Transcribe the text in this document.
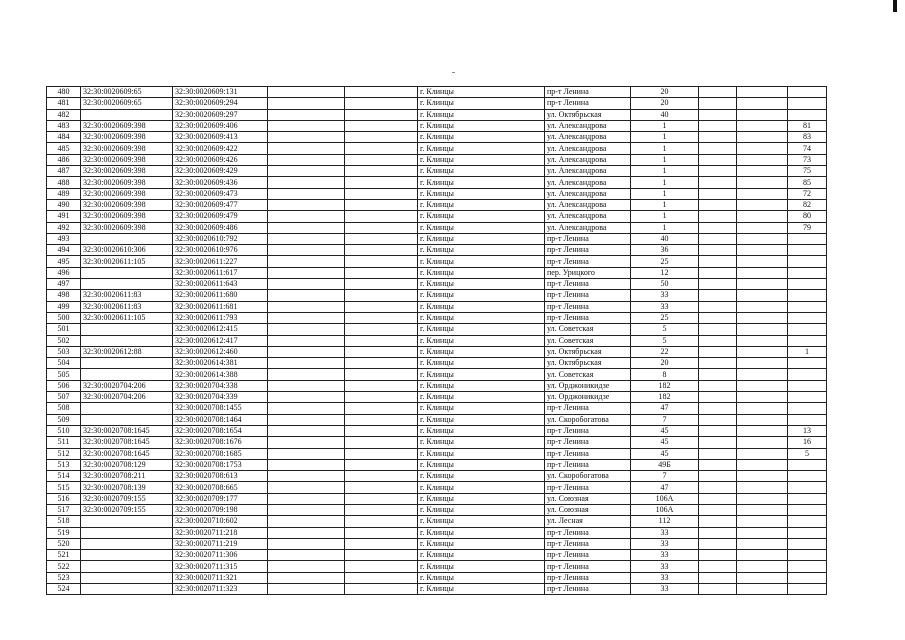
480	32:30:0020609:65	32:30:0020609:131			г. Клинцы	пр-т Ленина	20			
481	32:30:0020609:65	32:30:0020609:294			г. Клинцы	пр-т Ленина	20			
482		32:30:0020609:297			г. Клинцы	ул. Октябрьская	40			
483	32:30:0020609:398	32:30:0020609:406			г. Клинцы	ул. Александрова	1			81
484	32:30:0020609:398	32:30:0020609:413			г. Клинцы	ул. Александрова	1			83
485	32:30:0020609:398	32:30:0020609:422			г. Клинцы	ул. Александрова	1			74
486	32:30:0020609:398	32:30:0020609:426			г. Клинцы	ул. Александрова	1			73
487	32:30:0020609:398	32:30:0020609:429			г. Клинцы	ул. Александрова	1			75
488	32:30:0020609:398	32:30:0020609:436			г. Клинцы	ул. Александрова	1			85
489	32:30:0020609:398	32:30:0020609:473			г. Клинцы	ул. Александрова	1			72
490	32:30:0020609:398	32:30:0020609:477			г. Клинцы	ул. Александрова	1			82
491	32:30:0020609:398	32:30:0020609:479			г. Клинцы	ул. Александрова	1			80
492	32:30:0020609:398	32:30:0020609:486			г. Клинцы	ул. Александрова	1			79
493		32:30:0020610:792			г. Клинцы	пр-т Ленина	40			
494	32:30:0020610:306	32:30:0020610:976			г. Клинцы	пр-т Ленина	36			
495	32:30:0020611:105	32:30:0020611:227			г. Клинцы	пр-т Ленина	25			
496		32:30:0020611:617			г. Клинцы	пер. Урицкого	12			
497		32:30:0020611:643			г. Клинцы	пр-т Ленина	50			
498	32:30:0020611:83	32:30:0020611:680			г. Клинцы	пр-т Ленина	33			
499	32:30:0020611:83	32:30:0020611:681			г. Клинцы	пр-т Ленина	33			
500	32:30:0020611:105	32:30:0020611:793			г. Клинцы	пр-т Ленина	25			
501		32:30:0020612:415			г. Клинцы	ул. Советская	5			
502		32:30:0020612:417			г. Клинцы	ул. Советская	5			
503	32:30:0020612:88	32:30:0020612:460			г. Клинцы	ул. Октябрьская	22			1
504		32:30:0020614:381			г. Клинцы	ул. Октябрьская	20			
505		32:30:0020614:388			г. Клинцы	ул. Советская	8			
506	32:30:0020704:206	32:30:0020704:338			г. Клинцы	ул. Орджоникидзе	182			
507	32:30:0020704:206	32:30:0020704:339			г. Клинцы	ул. Орджоникидзе	182			
508		32:30:0020708:1455			г. Клинцы	пр-т Ленина	47			
509		32:30:0020708:1464			г. Клинцы	ул. Скоробогатова	7			
510	32:30:0020708:1645	32:30:0020708:1654			г. Клинцы	пр-т Ленина	45			13
511	32:30:0020708:1645	32:30:0020708:1676			г. Клинцы	пр-т Ленина	45			16
512	32:30:0020708:1645	32:30:0020708:1685			г. Клинцы	пр-т Ленина	45			5
513	32:30:0020708:129	32:30:0020708:1753			г. Клинцы	пр-т Ленина	49Б			
514	32:30:0020708:211	32:30:0020708:613			г. Клинцы	ул. Скоробогатова	7			
515	32:30:0020708:139	32:30:0020708:665			г. Клинцы	пр-т Ленина	47			
516	32:30:0020709:155	32:30:0020709:177			г. Клинцы	ул. Союзная	106А			
517	32:30:0020709:155	32:30:0020709:198			г. Клинцы	ул. Союзная	106А			
518		32:30:0020710:602			г. Клинцы	ул. Лесная	112			
519		32:30:0020711:218			г. Клинцы	пр-т Ленина	33			
520		32:30:0020711:219			г. Клинцы	пр-т Ленина	33			
521		32:30:0020711:306			г. Клинцы	пр-т Ленина	33			
522		32:30:0020711:315			г. Клинцы	пр-т Ленина	33			
523		32:30:0020711:321			г. Клинцы	пр-т Ленина	33			
524		32:30:0020711:323			г. Клинцы	пр-т Ленина	33			
